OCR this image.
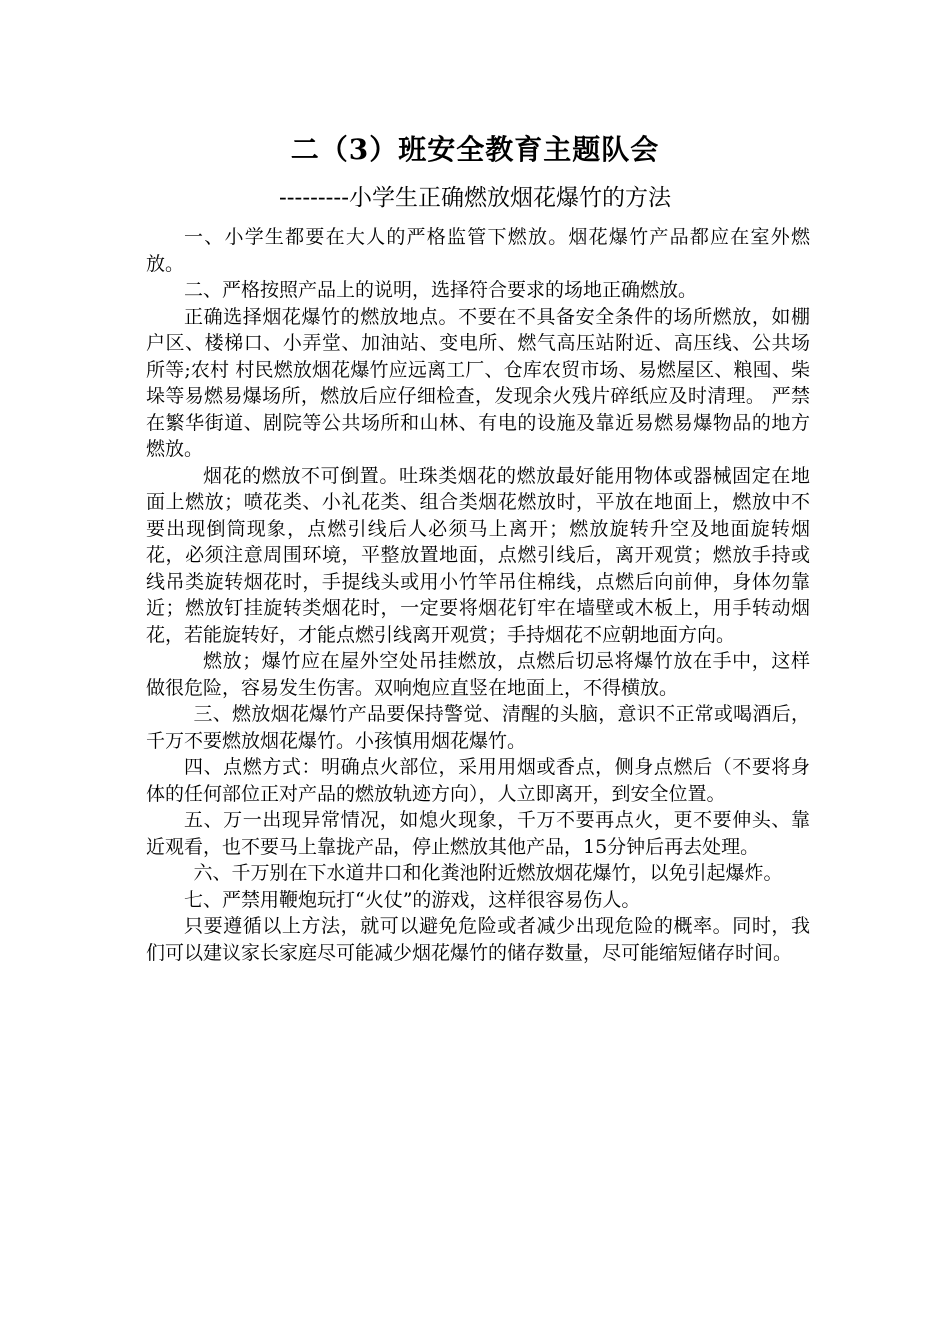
二（3）班安全教育主题队会
---------小学生正确燃放烟花爆竹的方法

一、小学生都要在大人的严格监管下燃放。烟花爆竹产品都应在室外燃放。

二、严格按照产品上的说明，选择符合要求的场地正确燃放。

正确选择烟花爆竹的燃放地点。不要在不具备安全条件的场所燃放，如棚户区、楼梯口、小弄堂、加油站、变电所、燃气高压站附近、高压线、公共场所等;农村 村民燃放烟花爆竹应远离工厂、仓库农贸市场、易燃屋区、粮囤、柴 垛等易燃易爆场所，燃放后应仔细检查，发现余火残片碎纸应及时清理。 严禁在繁华街道、剧院等公共场所和山林、有电的设施及靠近易燃易爆物品的地方燃放。

烟花的燃放不可倒置。吐珠类烟花的燃放最好能用物体或器械固定在地面上燃放；喷花类、小礼花类、组合类烟花燃放时，平放在地面上，燃放中不要出现倒筒现象，点燃引线后人必须马上离开；燃放旋转升空及地面旋转烟花，必须注意周围环境，平整放置地面，点燃引线后，离开观赏；燃放手持或线吊类旋转烟花时，手提线头或用小竹竿吊住棉线，点燃后向前伸，身体勿靠近；燃放钉挂旋转类烟花时，一定要将烟花钉牢在墙壁或木板上，用手转动烟花，若能旋转好，才能点燃引线离开观赏；手持烟花不应朝地面方向。

燃放；爆竹应在屋外空处吊挂燃放，点燃后切忌将爆竹放在手中，这样做很危险，容易发生伤害。双响炮应直竖在地面上，不得横放。

三、燃放烟花爆竹产品要保持警觉、清醒的头脑，意识不正常或喝酒后，千万不要燃放烟花爆竹。小孩慎用烟花爆竹。

四、点燃方式：明确点火部位，采用用烟或香点，侧身点燃后（不要将身体的任何部位正对产品的燃放轨迹方向），人立即离开，到安全位置。

五、万一出现异常情况，如熄火现象，千万不要再点火，更不要伸头、靠近观看，也不要马上靠拢产品，停止燃放其他产品，15分钟后再去处理。

六、千万别在下水道井口和化粪池附近燃放烟花爆竹，以免引起爆炸。

七、严禁用鞭炮玩打“火仗”的游戏，这样很容易伤人。

只要遵循以上方法，就可以避免危险或者减少出现危险的概率。同时，我们可以建议家长家庭尽可能减少烟花爆竹的储存数量，尽可能缩短储存时间。
